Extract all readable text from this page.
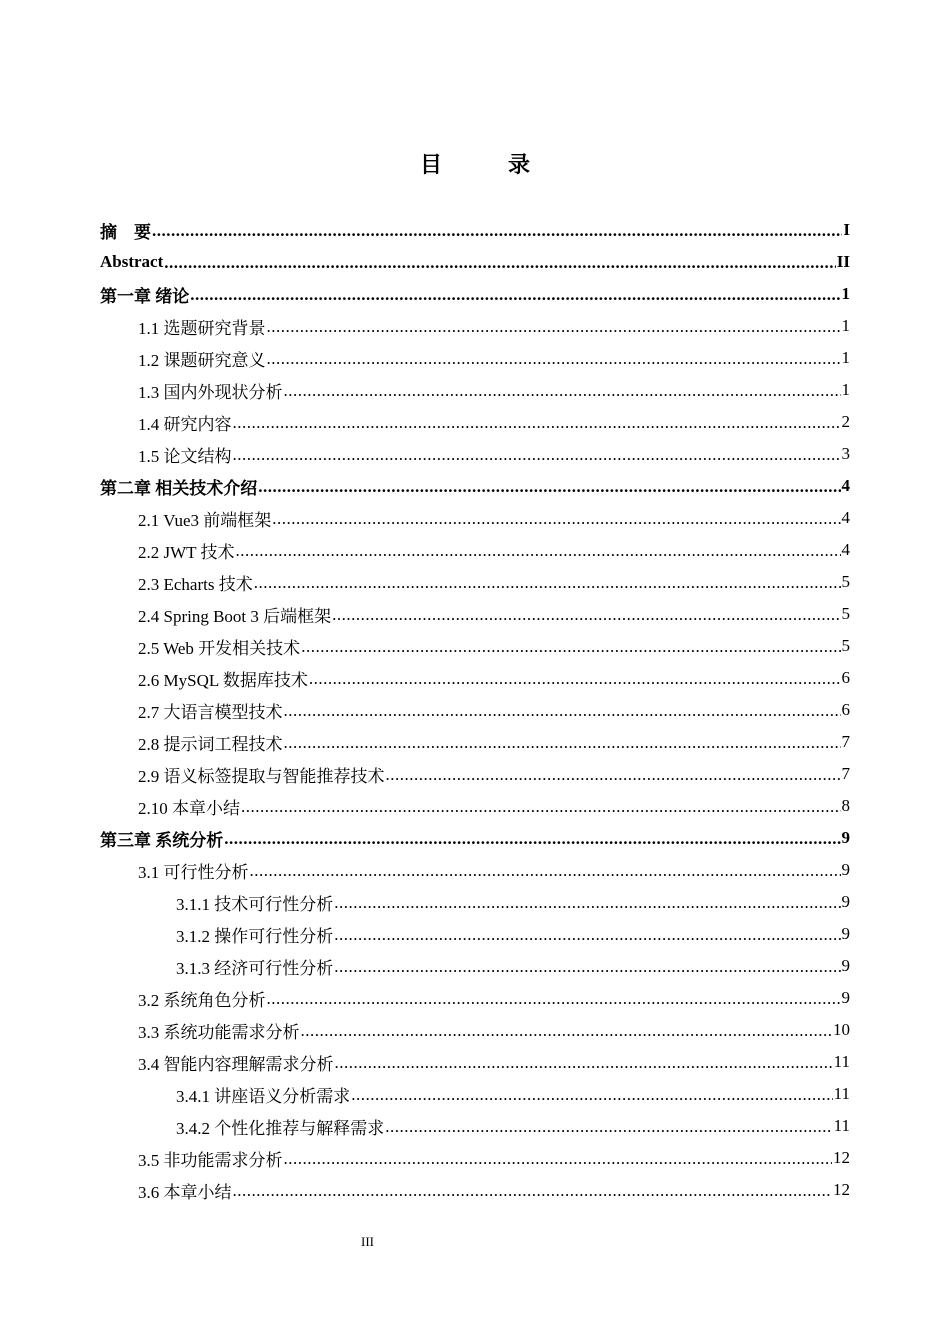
目　录
摘　要 .....	I
Abstract .....	II
第一章 绪论 .....	1
1.1 选题研究背景 .....	1
1.2 课题研究意义 .....	1
1.3 国内外现状分析 .....	1
1.4 研究内容 .....	2
1.5 论文结构 .....	3
第二章 相关技术介绍 .....	4
2.1 Vue3 前端框架 .....	4
2.2 JWT 技术 .....	4
2.3 Echarts 技术 .....	5
2.4 Spring Boot 3 后端框架 .....	5
2.5 Web 开发相关技术 .....	5
2.6 MySQL 数据库技术 .....	6
2.7 大语言模型技术 .....	6
2.8 提示词工程技术 .....	7
2.9 语义标签提取与智能推荐技术 .....	7
2.10 本章小结 .....	8
第三章 系统分析 .....	9
3.1 可行性分析 .....	9
3.1.1 技术可行性分析 .....	9
3.1.2 操作可行性分析 .....	9
3.1.3 经济可行性分析 .....	9
3.2 系统角色分析 .....	9
3.3 系统功能需求分析 .....	10
3.4 智能内容理解需求分析 .....	11
3.4.1 讲座语义分析需求 .....	11
3.4.2 个性化推荐与解释需求 .....	11
3.5 非功能需求分析 .....	12
3.6 本章小结 .....	12
III
